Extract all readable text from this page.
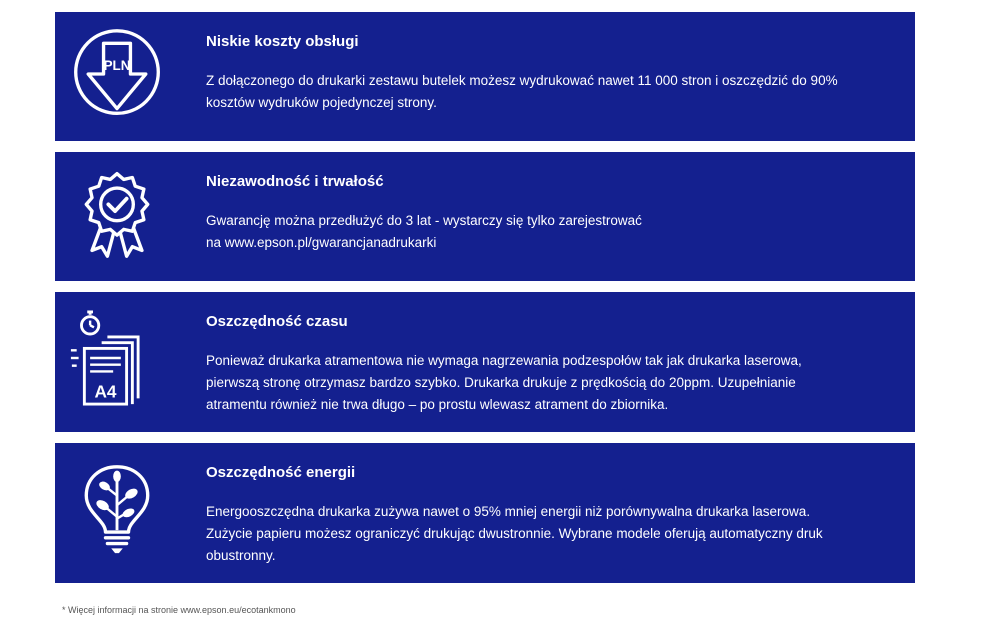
PLN
Niskie koszty obsługi
Z dołączonego do drukarki zestawu butelek możesz wydrukować nawet 11 000 stron i oszczędzić do 90%
kosztów wydruków pojedynczej strony.
Niezawodność i trwałość
Gwarancję można przedłużyć do 3 lat - wystarczy się tylko zarejestrować
na www.epson.pl/gwarancjanadrukarki
A4
Oszczędność czasu
Ponieważ drukarka atramentowa nie wymaga nagrzewania podzespołów tak jak drukarka laserowa,
pierwszą stronę otrzymasz bardzo szybko. Drukarka drukuje z prędkością do 20ppm. Uzupełnianie
atramentu również nie trwa długo – po prostu wlewasz atrament do zbiornika.
Oszczędność energii
Energooszczędna drukarka zużywa nawet o 95% mniej energii niż porównywalna drukarka laserowa.
Zużycie papieru możesz ograniczyć drukując dwustronnie. Wybrane modele oferują automatyczny druk
obustronny.
* Więcej informacji na stronie www.epson.eu/ecotankmono
